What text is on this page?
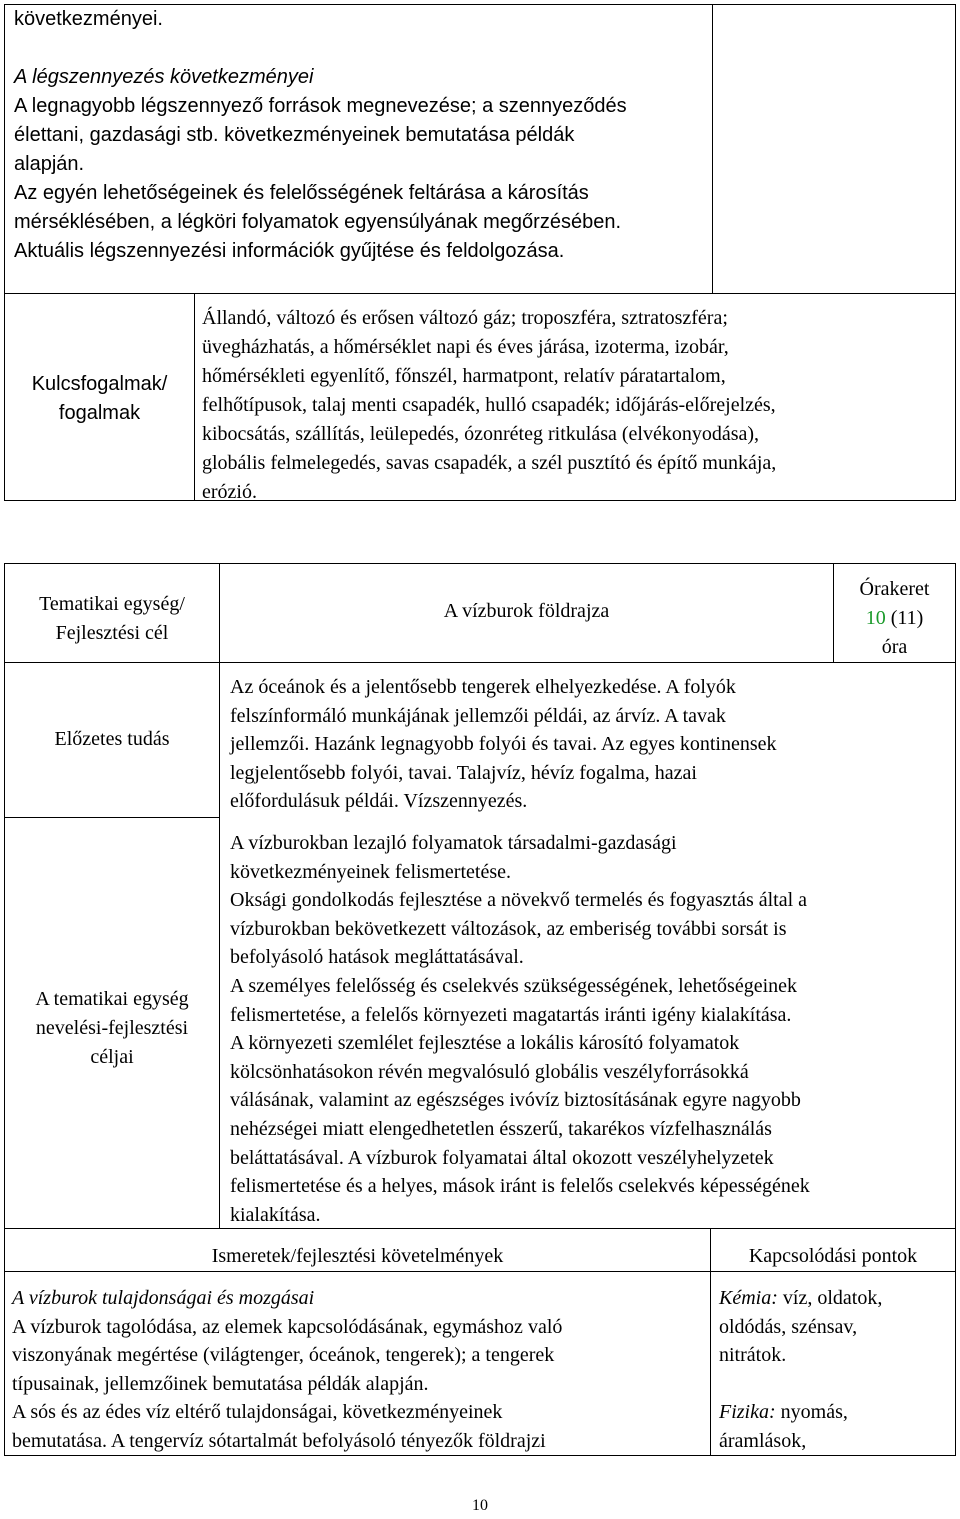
következményei.
A légszennyezés következményei
A legnagyobb légszennyező források megnevezése; a szennyeződés
élettani, gazdasági stb. következményeinek bemutatása példák
alapján.
Az egyén lehetőségeinek és felelősségének feltárása a károsítás
mérséklésében, a légköri folyamatok egyensúlyának megőrzésében.
Aktuális légszennyezési információk gyűjtése és feldolgozása.
Kulcsfogalmak/
fogalmak
Állandó, változó és erősen változó gáz; troposzféra, sztratoszféra;
üvegházhatás, a hőmérséklet napi és éves járása, izoterma, izobár,
hőmérsékleti egyenlítő, főnszél, harmatpont, relatív páratartalom,
felhőtípusok, talaj menti csapadék, hulló csapadék; időjárás-előrejelzés,
kibocsátás, szállítás, leülepedés, ózonréteg ritkulása (elvékonyodása),
globális felmelegedés, savas csapadék, a szél pusztító és építő munkája,
erózió.
Tematikai egység/
Fejlesztési cél
A vízburok földrajza
Órakeret
10 (11)
óra
Előzetes tudás
Az óceánok és a jelentősebb tengerek elhelyezkedése. A folyók
felszínformáló munkájának jellemzői példái, az árvíz. A tavak
jellemzői. Hazánk legnagyobb folyói és tavai. Az egyes kontinensek
legjelentősebb folyói, tavai. Talajvíz, hévíz fogalma, hazai
előfordulásuk példái. Vízszennyezés.
A tematikai egység
nevelési-fejlesztési
céljai
A vízburokban lezajló folyamatok társadalmi-gazdasági
következményeinek felismertetése.
Oksági gondolkodás fejlesztése a növekvő termelés és fogyasztás által a
vízburokban bekövetkezett változások, az emberiség további sorsát is
befolyásoló hatások megláttatásával.
A személyes felelősség és cselekvés szükségességének, lehetőségeinek
felismertetése, a felelős környezeti magatartás iránti igény kialakítása.
A környezeti szemlélet fejlesztése a lokális károsító folyamatok
kölcsönhatásokon révén megvalósuló globális veszélyforrásokká
válásának, valamint az egészséges ivóvíz biztosításának egyre nagyobb
nehézségei miatt elengedhetetlen ésszerű, takarékos vízfelhasználás
beláttatásával. A vízburok folyamatai által okozott veszélyhelyzetek
felismertetése és a helyes, mások iránt is felelős cselekvés képességének
kialakítása.
Ismeretek/fejlesztési követelmények	Kapcsolódási pontok
A vízburok tulajdonságai és mozgásai
A vízburok tagolódása, az elemek kapcsolódásának, egymáshoz való
viszonyának megértése (világtenger, óceánok, tengerek); a tengerek
típusainak, jellemzőinek bemutatása példák alapján.
A sós és az édes víz eltérő tulajdonságai, következményeinek
bemutatása. A tengervíz sótartalmát befolyásoló tényezők földrajzi
Kémia: víz, oldatok,
oldódás, szénsav,
nitrátok.
Fizika: nyomás,
áramlások,
10
